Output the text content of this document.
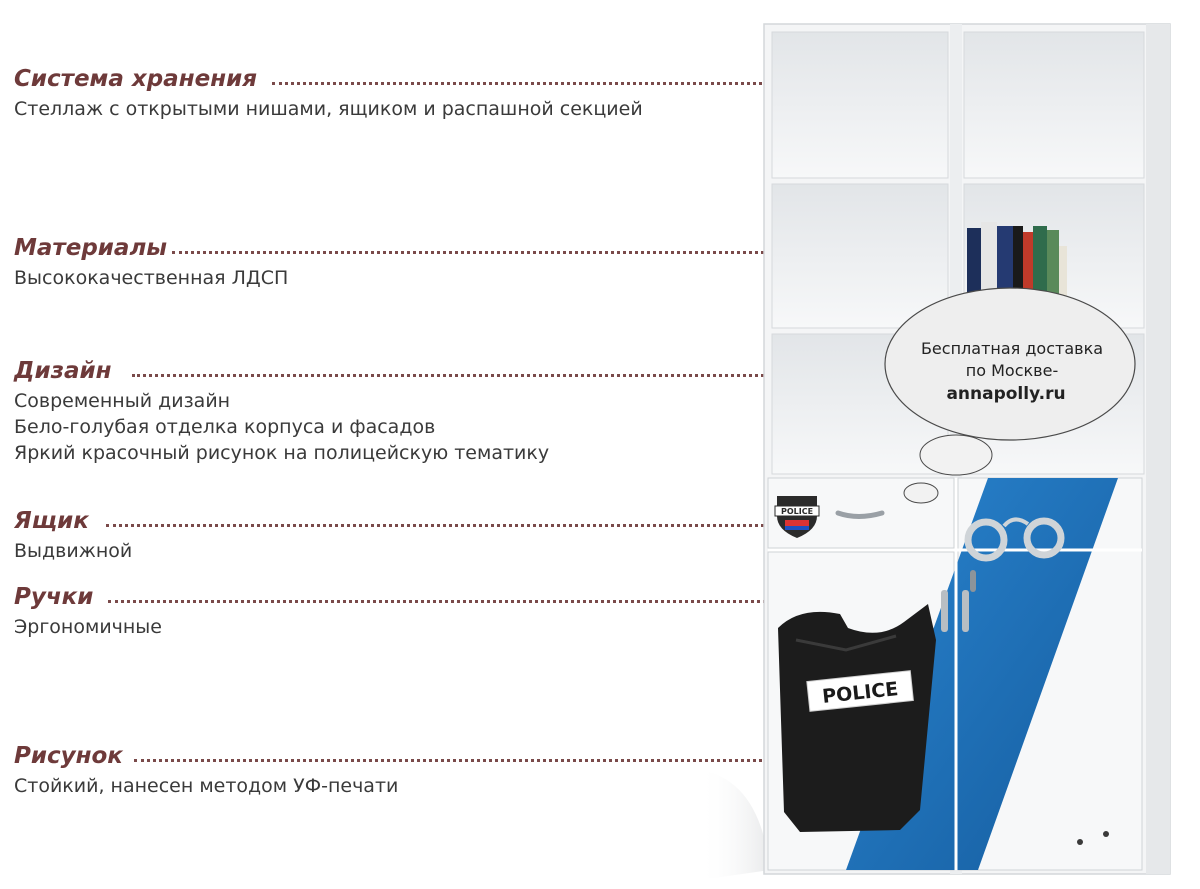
Система хранения
Стеллаж с открытыми нишами, ящиком и распашной секцией
Материалы
Высококачественная ЛДСП
Дизайн
Современный дизайн
Бело-голубая отделка корпуса и фасадов
Яркий красочный рисунок на полицейскую тематику
Ящик
Выдвижной
Ручки
Эргономичные
Рисунок
Стойкий, нанесен методом УФ-печати
POLICE
POLICE
Бесплатная доставка
по Москве-
annapolly.ru
